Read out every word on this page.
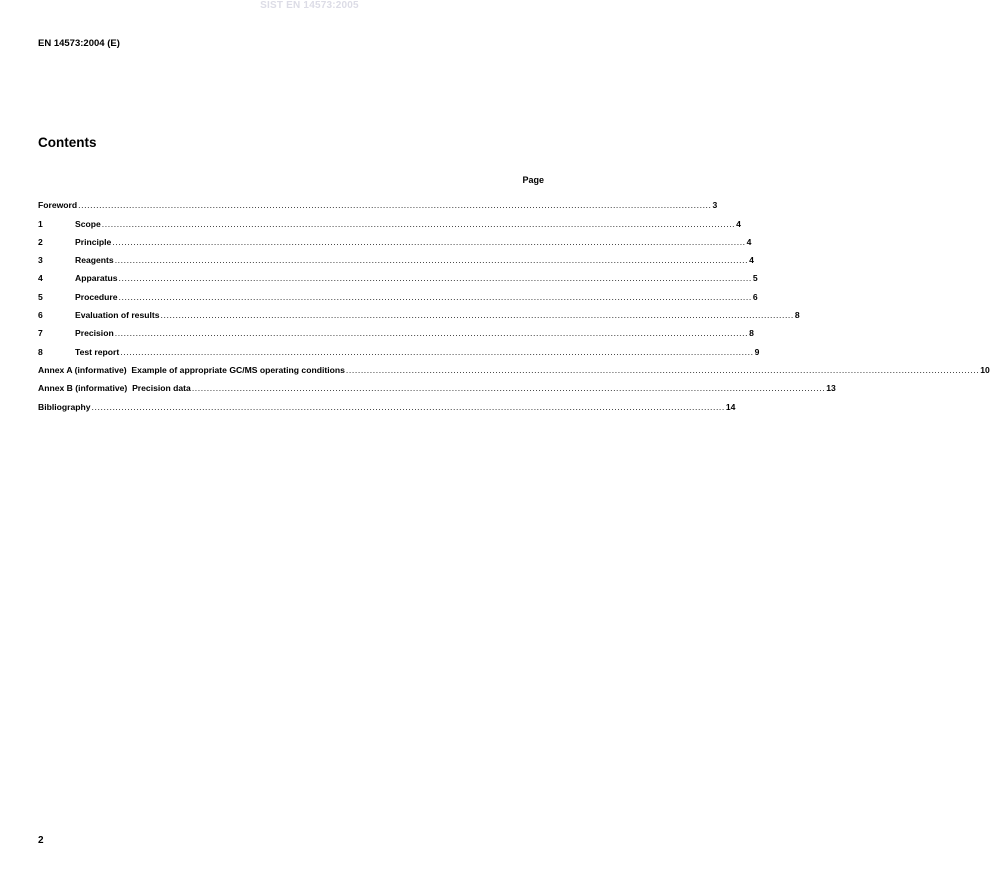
SIST EN 14573:2005
EN 14573:2004 (E)
Contents
Page
Foreword .................................................................................................................................................................................................................... 3
1	Scope .................................................................................................................................................................................................................... 4
2	Principle .................................................................................................................................................................................................................... 4
3	Reagents .................................................................................................................................................................................................................... 4
4	Apparatus .................................................................................................................................................................................................................... 5
5	Procedure .................................................................................................................................................................................................................... 6
6	Evaluation of results .................................................................................................................................................................................................................... 8
7	Precision .................................................................................................................................................................................................................... 8
8	Test report .................................................................................................................................................................................................................... 9
Annex A (informative)  Example of appropriate GC/MS operating conditions .................................................................................................................................................................................................................... 10
Annex B (informative)  Precision data .................................................................................................................................................................................................................... 13
Bibliography .................................................................................................................................................................................................................... 14
2
